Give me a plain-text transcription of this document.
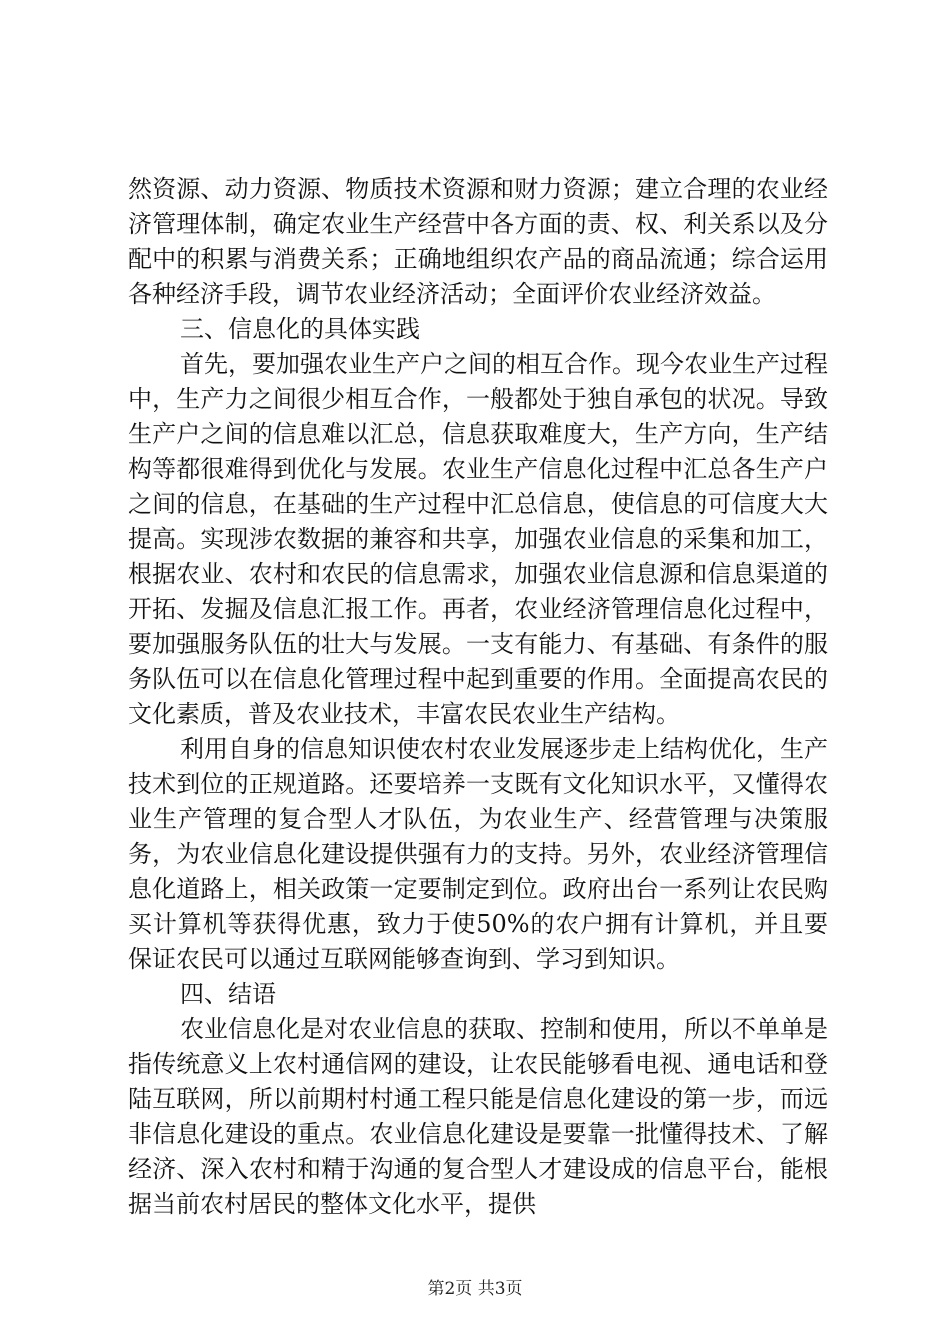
然资源、动力资源、物质技术资源和财力资源；建立合理的农业经济管理体制，确定农业生产经营中各方面的责、权、利关系以及分配中的积累与消费关系；正确地组织农产品的商品流通；综合运用各种经济手段，调节农业经济活动；全面评价农业经济效益。

三、信息化的具体实践

首先，要加强农业生产户之间的相互合作。现今农业生产过程中，生产力之间很少相互合作，一般都处于独自承包的状况。导致生产户之间的信息难以汇总，信息获取难度大，生产方向，生产结构等都很难得到优化与发展。农业生产信息化过程中汇总各生产户之间的信息，在基础的生产过程中汇总信息，使信息的可信度大大提高。实现涉农数据的兼容和共享，加强农业信息的采集和加工，根据农业、农村和农民的信息需求，加强农业信息源和信息渠道的开拓、发掘及信息汇报工作。再者，农业经济管理信息化过程中，要加强服务队伍的壮大与发展。一支有能力、有基础、有条件的服务队伍可以在信息化管理过程中起到重要的作用。全面提高农民的文化素质，普及农业技术，丰富农民农业生产结构。

利用自身的信息知识使农村农业发展逐步走上结构优化，生产技术到位的正规道路。还要培养一支既有文化知识水平，又懂得农业生产管理的复合型人才队伍，为农业生产、经营管理与决策服务，为农业信息化建设提供强有力的支持。另外，农业经济管理信息化道路上，相关政策一定要制定到位。政府出台一系列让农民购买计算机等获得优惠，致力于使50%的农户拥有计算机，并且要保证农民可以通过互联网能够查询到、学习到知识。

四、结语

农业信息化是对农业信息的获取、控制和使用，所以不单单是指传统意义上农村通信网的建设，让农民能够看电视、通电话和登陆互联网，所以前期村村通工程只能是信息化建设的第一步，而远非信息化建设的重点。农业信息化建设是要靠一批懂得技术、了解经济、深入农村和精于沟通的复合型人才建设成的信息平台，能根据当前农村居民的整体文化水平，提供

第2页 共3页
